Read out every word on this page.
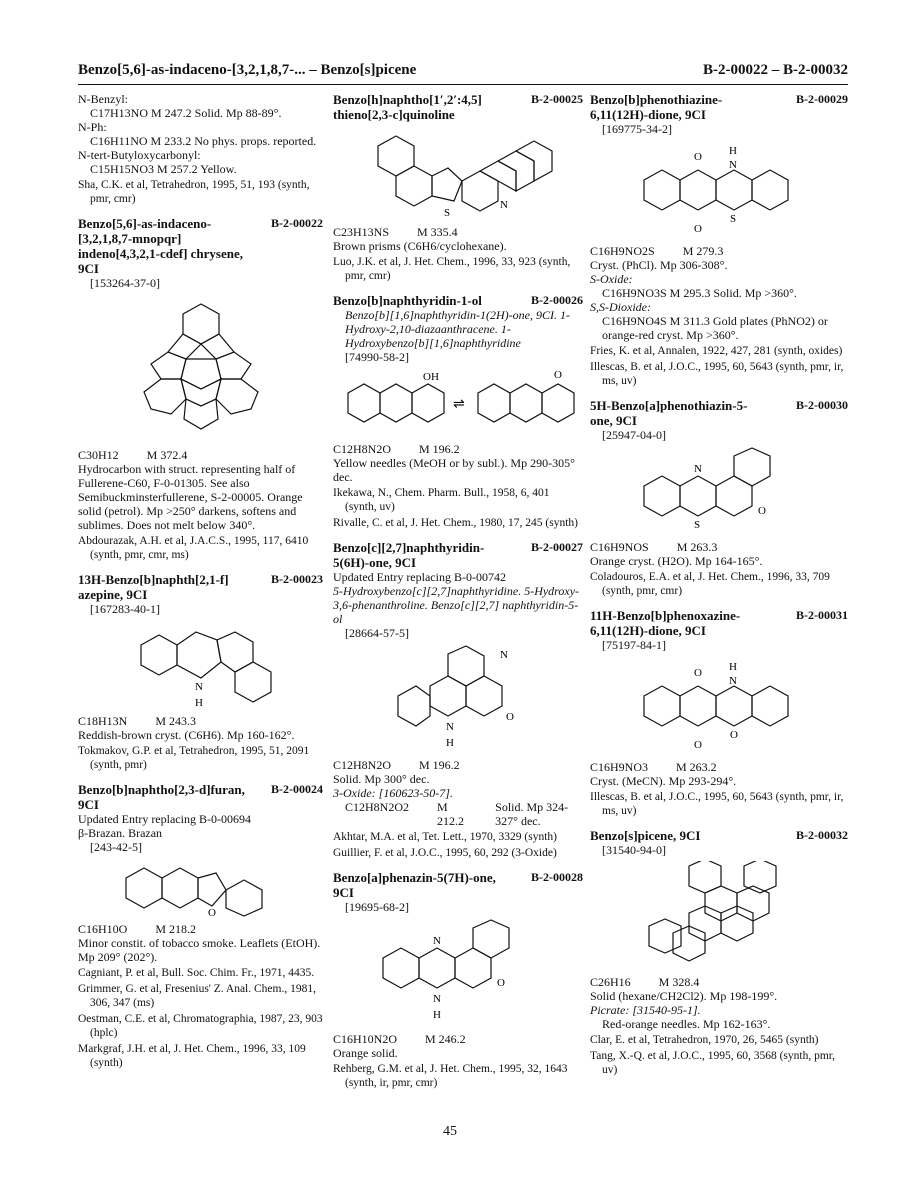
Benzo[5,6]-as-indaceno-[3,2,1,8,7-... – Benzo[s]picene	B-2-00022 – B-2-00032

N-Benzyl:

C17H13NO M 247.2 Solid. Mp 88-89°.

N-Ph:

C16H11NO M 233.2 No phys. props. reported.

N-tert-Butyloxycarbonyl:

C15H15NO3 M 257.2 Yellow.

Sha, C.K. et al, Tetrahedron, 1995, 51, 193 (synth, pmr, cmr)

Benzo[5,6]-as-indaceno-[3,2,1,8,7-mnopqr] indeno[4,3,2,1-cdef] chrysene, 9CI
B-2-00022

[153264-37-0]

C30H12 M 372.4

Hydrocarbon with struct. representing half of Fullerene-C60, F-0-01305. See also Semibuckminsterfullerene, S-2-00005. Orange solid (petrol). Mp >250° darkens, softens and sublimes. Does not melt below 340°.

Abdourazak, A.H. et al, J.A.C.S., 1995, 117, 6410 (synth, pmr, cmr, ms)

13H-Benzo[b]naphth[2,1-f] azepine, 9CI
B-2-00023

[167283-40-1]

N
H
C18H13N M 243.3

Reddish-brown cryst. (C6H6). Mp 160-162°.

Tokmakov, G.P. et al, Tetrahedron, 1995, 51, 2091 (synth, pmr)

Benzo[b]naphtho[2,3-d]furan, 9CI
B-2-00024

Updated Entry replacing B-0-00694

β-Brazan. Brazan

[243-42-5]

O
C16H10O M 218.2

Minor constit. of tobacco smoke. Leaflets (EtOH). Mp 209° (202°).

Cagniant, P. et al, Bull. Soc. Chim. Fr., 1971, 4435.

Grimmer, G. et al, Fresenius' Z. Anal. Chem., 1981, 306, 347 (ms)

Oestman, C.E. et al, Chromatographia, 1987, 23, 903 (hplc)

Markgraf, J.H. et al, J. Het. Chem., 1996, 33, 109 (synth)

Benzo[h]naphtho[1′,2′:4,5] thieno[2,3-c]quinoline
B-2-00025
S
N
C23H13NS M 335.4

Brown prisms (C6H6/cyclohexane).

Luo, J.K. et al, J. Het. Chem., 1996, 33, 923 (synth, pmr, cmr)

Benzo[b]naphthyridin-1-ol	B-2-00026

Benzo[b][1,6]naphthyridin-1(2H)-one, 9CI. 1-Hydroxy-2,10-diazaanthracene. 1-Hydroxybenzo[b][1,6]naphthyridine

[74990-58-2]

OH
⇌
O
C12H8N2O M 196.2

Yellow needles (MeOH or by subl.). Mp 290-305° dec.

Ikekawa, N., Chem. Pharm. Bull., 1958, 6, 401 (synth, uv)

Rivalle, C. et al, J. Het. Chem., 1980, 17, 245 (synth)

Benzo[c][2,7]naphthyridin-5(6H)-one, 9CI
B-2-00027

Updated Entry replacing B-0-00742

5-Hydroxybenzo[c][2,7]naphthyridine. 5-Hydroxy-3,6-phenanthroline. Benzo[c][2,7] naphthyridin-5-ol

[28664-57-5]

N
N
H
O
C12H8N2O M 196.2

Solid. Mp 300° dec.

3-Oxide: [160623-50-7].

C12H8N2O2 M 212.2
Solid. Mp 324-327° dec.

Akhtar, M.A. et al, Tet. Lett., 1970, 3329 (synth)

Guillier, F. et al, J.O.C., 1995, 60, 292 (3-Oxide)

Benzo[a]phenazin-5(7H)-one, 9CI
B-2-00028

[19695-68-2]

N
N
H
O
C16H10N2O M 246.2

Orange solid.

Rehberg, G.M. et al, J. Het. Chem., 1995, 32, 1643 (synth, ir, pmr, cmr)

Benzo[b]phenothiazine-6,11(12H)-dione, 9CI
B-2-00029

[169775-34-2]

O H
N
S
O
C16H9NO2S M 279.3

Cryst. (PhCl). Mp 306-308°.

S-Oxide:

C16H9NO3S M 295.3 Solid. Mp >360°.

S,S-Dioxide:

C16H9NO4S M 311.3 Gold plates (PhNO2) or orange-red cryst. Mp >360°.

Fries, K. et al, Annalen, 1922, 427, 281 (synth, oxides)

Illescas, B. et al, J.O.C., 1995, 60, 5643 (synth, pmr, ir, ms, uv)

5H-Benzo[a]phenothiazin-5-one, 9CI
B-2-00030

[25947-04-0]

N
S
O
C16H9NOS M 263.3

Orange cryst. (H2O). Mp 164-165°.

Coladouros, E.A. et al, J. Het. Chem., 1996, 33, 709 (synth, pmr, cmr)

11H-Benzo[b]phenoxazine-6,11(12H)-dione, 9CI
B-2-00031

[75197-84-1]

O H
N
O
O
C16H9NO3 M 263.2

Cryst. (MeCN). Mp 293-294°.

Illescas, B. et al, J.O.C., 1995, 60, 5643 (synth, pmr, ir, ms, uv)

Benzo[s]picene, 9CI	B-2-00032

[31540-94-0]

C26H16 M 328.4

Solid (hexane/CH2Cl2). Mp 198-199°.

Picrate: [31540-95-1].

Red-orange needles. Mp 162-163°.

Clar, E. et al, Tetrahedron, 1970, 26, 5465 (synth)

Tang, X.-Q. et al, J.O.C., 1995, 60, 3568 (synth, pmr, uv)

45
